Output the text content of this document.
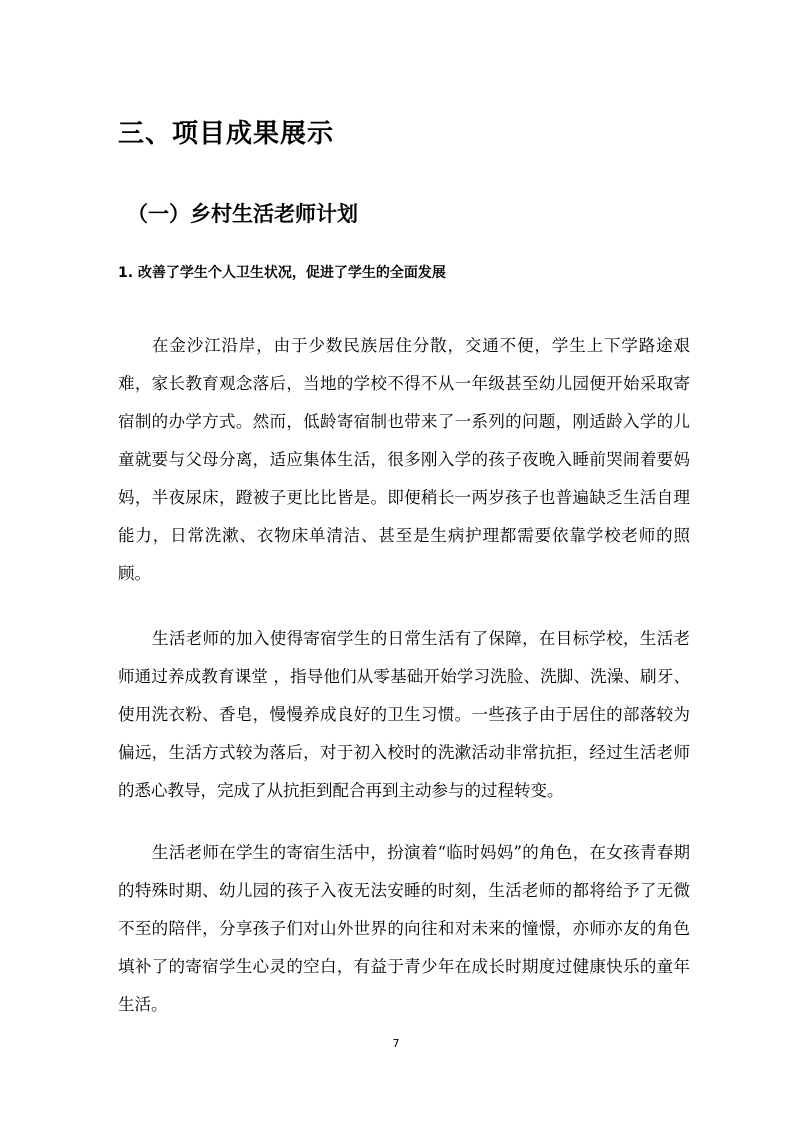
三、项目成果展示
（一）乡村生活老师计划
1. 改善了学生个人卫生状况，促进了学生的全面发展

在金沙江沿岸，由于少数民族居住分散，交通不便，学生上下学路途艰难，家长教育观念落后，当地的学校不得不从一年级甚至幼儿园便开始采取寄宿制的办学方式。然而，低龄寄宿制也带来了一系列的问题，刚适龄入学的儿童就要与父母分离，适应集体生活，很多刚入学的孩子夜晚入睡前哭闹着要妈妈，半夜尿床，蹬被子更比比皆是。即便稍长一两岁孩子也普遍缺乏生活自理能力，日常洗漱、衣物床单清洁、甚至是生病护理都需要依靠学校老师的照顾。

生活老师的加入使得寄宿学生的日常生活有了保障，在目标学校，生活老师通过养成教育课堂 ，指导他们从零基础开始学习洗脸、洗脚、洗澡、刷牙、使用洗衣粉、香皂，慢慢养成良好的卫生习惯。一些孩子由于居住的部落较为偏远，生活方式较为落后，对于初入校时的洗漱活动非常抗拒，经过生活老师的悉心教导，完成了从抗拒到配合再到主动参与的过程转变。

生活老师在学生的寄宿生活中，扮演着“临时妈妈”的角色，在女孩青春期的特殊时期、幼儿园的孩子入夜无法安睡的时刻，生活老师的都将给予了无微不至的陪伴，分享孩子们对山外世界的向往和对未来的憧憬，亦师亦友的角色填补了的寄宿学生心灵的空白，有益于青少年在成长时期度过健康快乐的童年生活。

7
